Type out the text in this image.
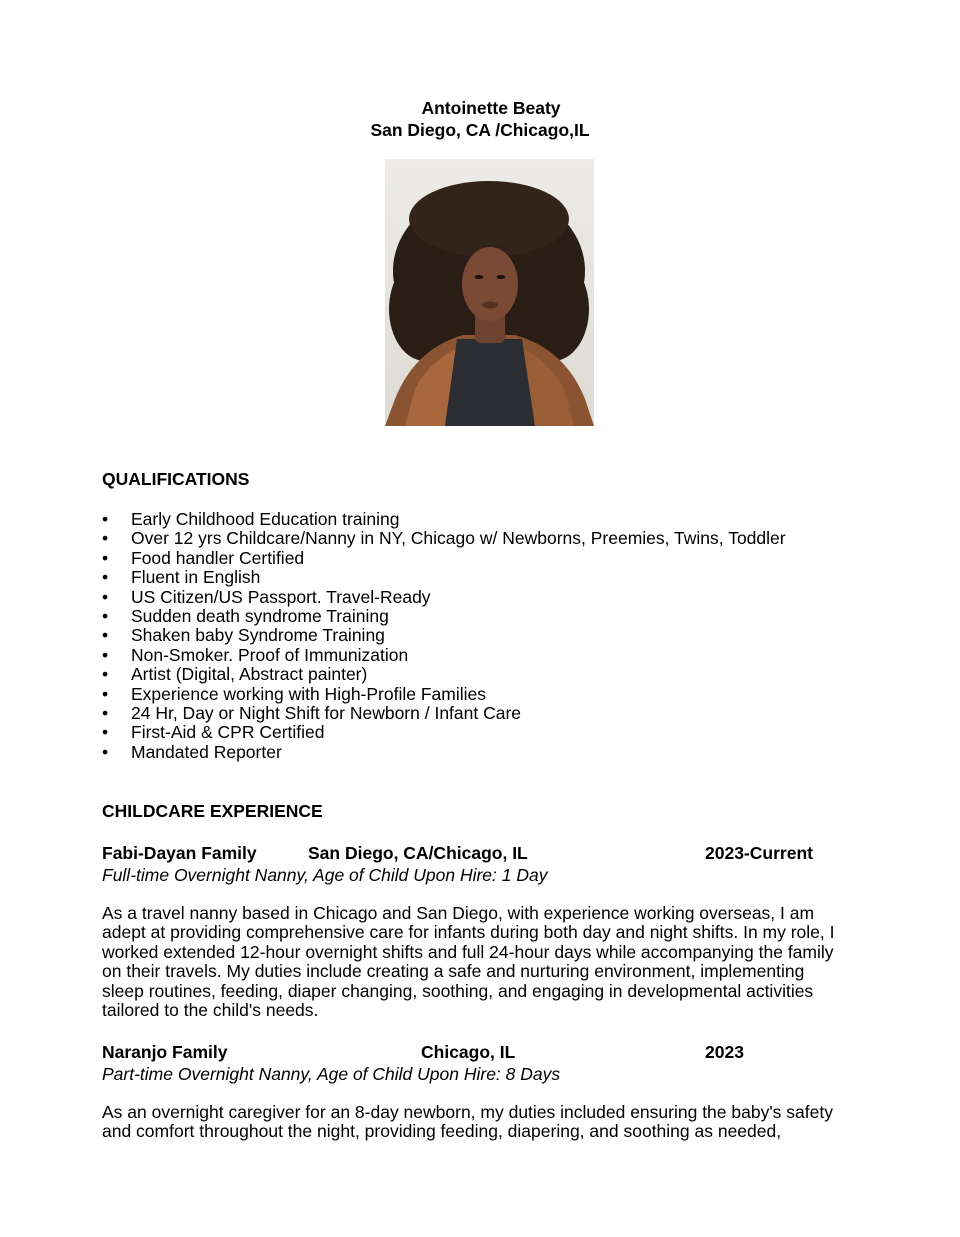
Antoinette Beaty
San Diego, CA /Chicago,IL
QUALIFICATIONS
• Early Childhood Education training
• Over 12 yrs Childcare/Nanny in NY, Chicago w/ Newborns, Preemies, Twins, Toddler
• Food handler Certified
• Fluent in English
• US Citizen/US Passport. Travel-Ready
• Sudden death syndrome Training
• Shaken baby Syndrome Training
• Non-Smoker. Proof of Immunization
• Artist (Digital, Abstract painter)
• Experience working with High-Profile Families
• 24 Hr, Day or Night Shift for Newborn / Infant Care
• First-Aid & CPR Certified
• Mandated Reporter
CHILDCARE EXPERIENCE
Fabi-Dayan Family	San Diego, CA/Chicago, IL	2023-Current
Full-time Overnight Nanny, Age of Child Upon Hire: 1 Day
As a travel nanny based in Chicago and San Diego, with experience working overseas, I am
adept at providing comprehensive care for infants during both day and night shifts. In my role, I
worked extended 12-hour overnight shifts and full 24-hour days while accompanying the family
on their travels. My duties include creating a safe and nurturing environment, implementing
sleep routines, feeding, diaper changing, soothing, and engaging in developmental activities
tailored to the child's needs.
Naranjo Family	Chicago, IL	2023
Part-time Overnight Nanny, Age of Child Upon Hire: 8 Days
As an overnight caregiver for an 8-day newborn, my duties included ensuring the baby's safety
and comfort throughout the night, providing feeding, diapering, and soothing as needed,
